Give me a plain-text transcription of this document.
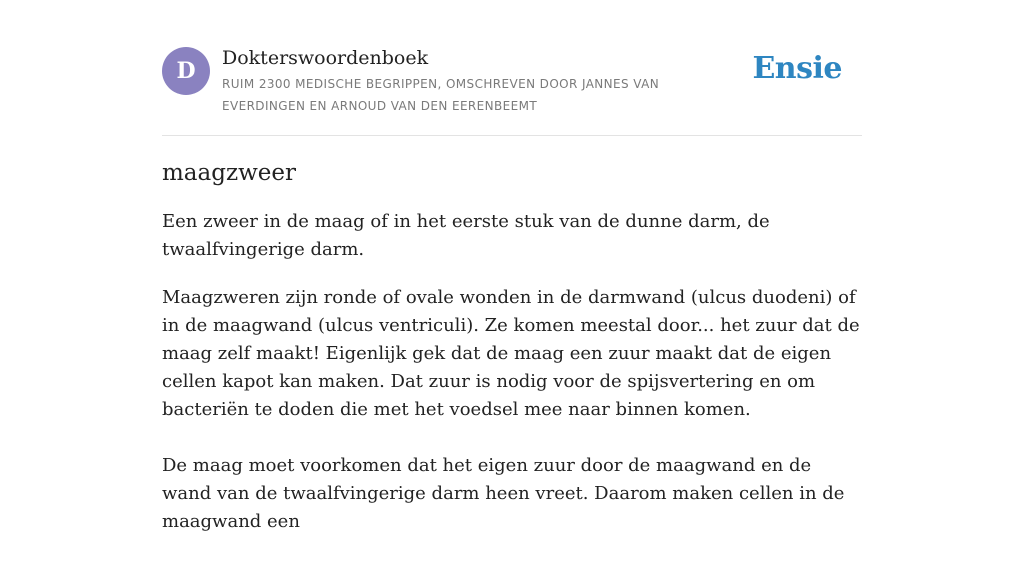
D	Dokterswoordenboek
RUIM 2300 MEDISCHE BEGRIPPEN, OMSCHREVEN DOOR JANNES VAN EVERDINGEN EN ARNOUD VAN DEN EERENBEEMT
Ensie
maagzweer

Een zweer in de maag of in het eerste stuk van de dunne darm, de twaalfvingerige darm.

Maagzweren zijn ronde of ovale wonden in de darmwand (ulcus duodeni) of in de maagwand (ulcus ventriculi). Ze komen meestal door... het zuur dat de maag zelf maakt! Eigenlijk gek dat de maag een zuur maakt dat de eigen cellen kapot kan maken. Dat zuur is nodig voor de spijsvertering en om bacteriën te doden die met het voedsel mee naar binnen komen.

De maag moet voorkomen dat het eigen zuur door de maagwand en de wand van de twaalfvingerige darm heen vreet. Daarom maken cellen in de maagwand een
